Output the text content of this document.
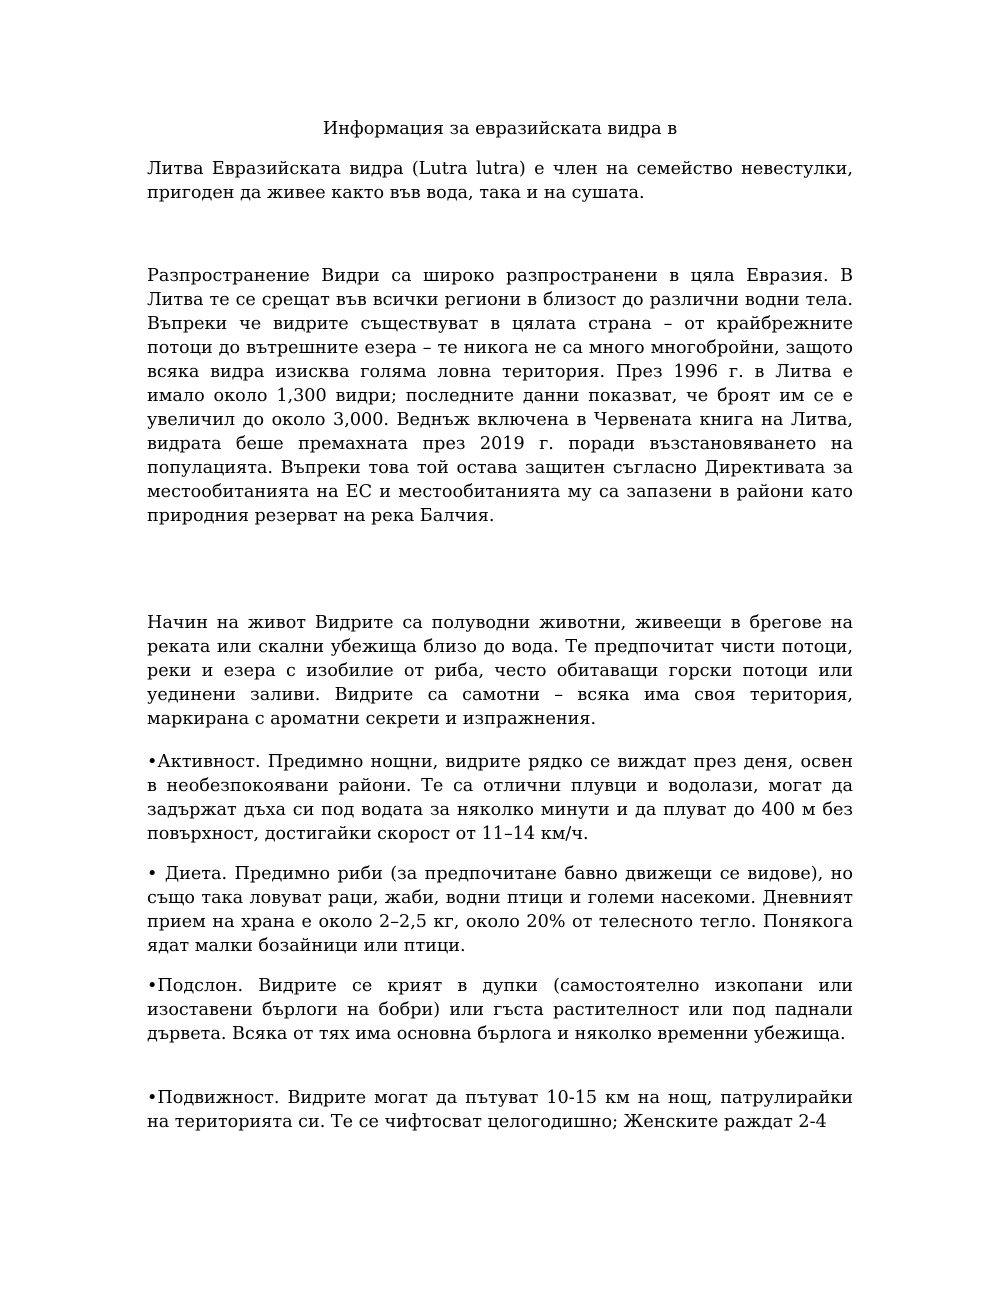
Информация за евразийската видра в

Литва Евразийската видра (Lutra lutra) е член на семейство невестулки, пригоден да живее както във вода, така и на сушата.

Разпространение Видри са широко разпространени в цяла Евразия. В Литва те се срещат във всички региони в близост до различни водни тела. Въпреки че видрите съществуват в цялата страна – от крайбрежните потоци до вътрешните езера – те никога не са много многобройни, защото всяка видра изисква голяма ловна територия. През 1996 г. в Литва е имало около 1,300 видри; последните данни показват, че броят им се е увеличил до около 3,000. Веднъж включена в Червената книга на Литва, видрата беше премахната през 2019 г. поради възстановяването на популацията. Въпреки това той остава защитен съгласно Директивата за местообитанията на ЕС и местообитанията му са запазени в райони като природния резерват на река Балчия.

Начин на живот Видрите са полуводни животни, живеещи в брегове на реката или скални убежища близо до вода. Те предпочитат чисти потоци, реки и езера с изобилие от риба, често обитаващи горски потоци или уединени заливи. Видрите са самотни – всяка има своя територия, маркирана с ароматни секрети и изпражнения.

•Активност. Предимно нощни, видрите рядко се виждат през деня, освен в необезпокоявани райони. Те са отлични плувци и водолази, могат да задържат дъха си под водата за няколко минути и да плуват до 400 м без повърхност, достигайки скорост от 11–14 км/ч.

• Диета. Предимно риби (за предпочитане бавно движещи се видове), но също така ловуват раци, жаби, водни птици и големи насекоми. Дневният прием на храна е около 2–2,5 кг, около 20% от телесното тегло. Понякога ядат малки бозайници или птици.

•Подслон. Видрите се крият в дупки (самостоятелно изкопани или изоставени бърлоги на бобри) или гъста растителност или под паднали дървета. Всяка от тях има основна бърлога и няколко временни убежища.

•Подвижност. Видрите могат да пътуват 10-15 км на нощ, патрулирайки на територията си. Те се чифтосват целогодишно; Женските раждат 2-4
